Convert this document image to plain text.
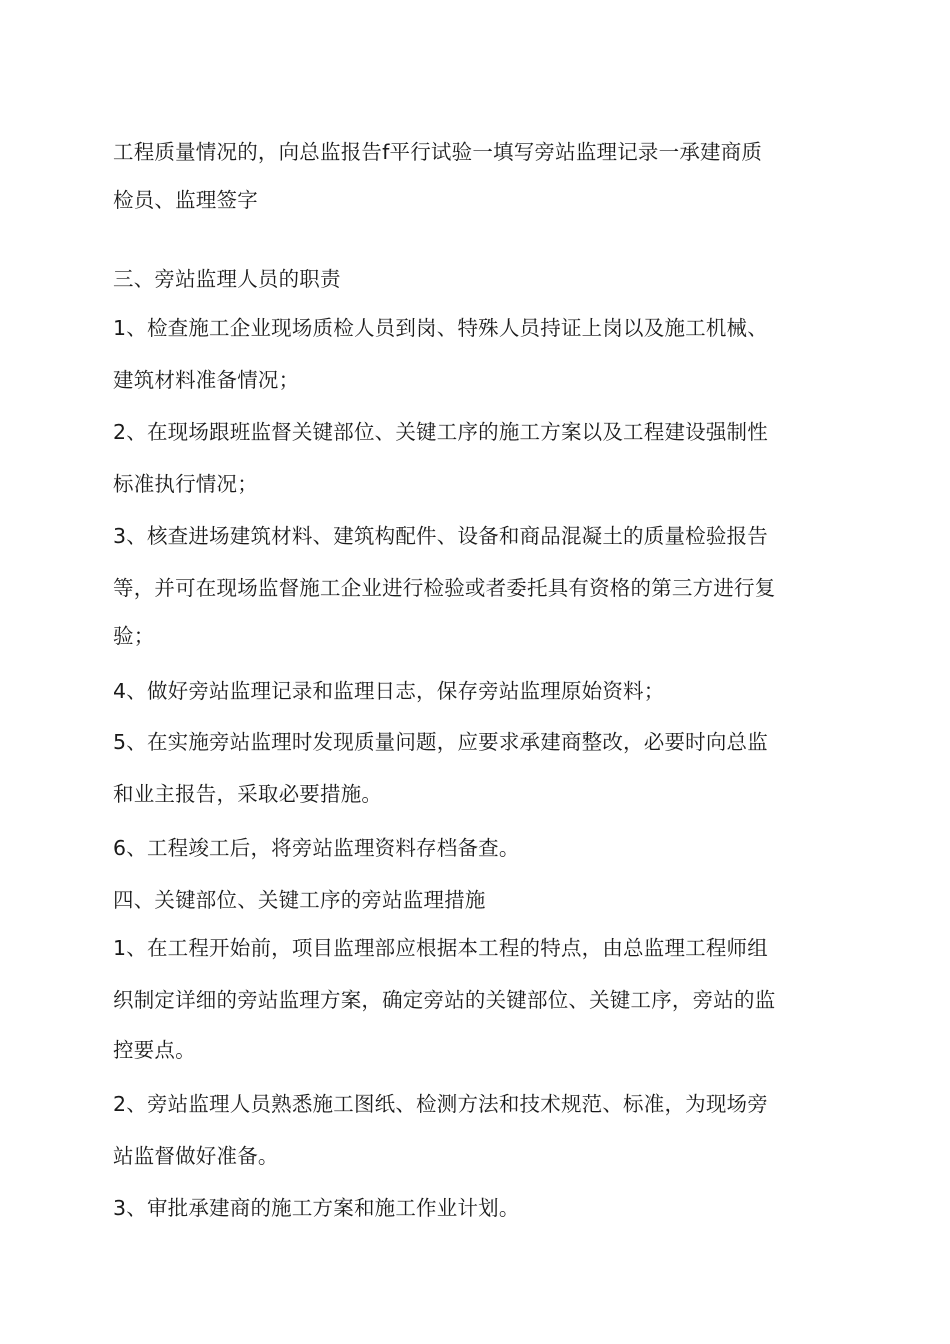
工程质量情况的，向总监报告f平行试验一填写旁站监理记录一承建商质
检员、监理签字
三、旁站监理人员的职责
1、检查施工企业现场质检人员到岗、特殊人员持证上岗以及施工机械、
建筑材料准备情况；
2、在现场跟班监督关键部位、关键工序的施工方案以及工程建设强制性
标准执行情况；
3、核查进场建筑材料、建筑构配件、设备和商品混凝土的质量检验报告
等，并可在现场监督施工企业进行检验或者委托具有资格的第三方进行复
验；
4、做好旁站监理记录和监理日志，保存旁站监理原始资料；
5、在实施旁站监理时发现质量问题，应要求承建商整改，必要时向总监
和业主报告，采取必要措施。
6、工程竣工后，将旁站监理资料存档备查。
四、关键部位、关键工序的旁站监理措施
1、在工程开始前，项目监理部应根据本工程的特点，由总监理工程师组
织制定详细的旁站监理方案，确定旁站的关键部位、关键工序，旁站的监
控要点。
2、旁站监理人员熟悉施工图纸、检测方法和技术规范、标准，为现场旁
站监督做好准备。
3、审批承建商的施工方案和施工作业计划。
